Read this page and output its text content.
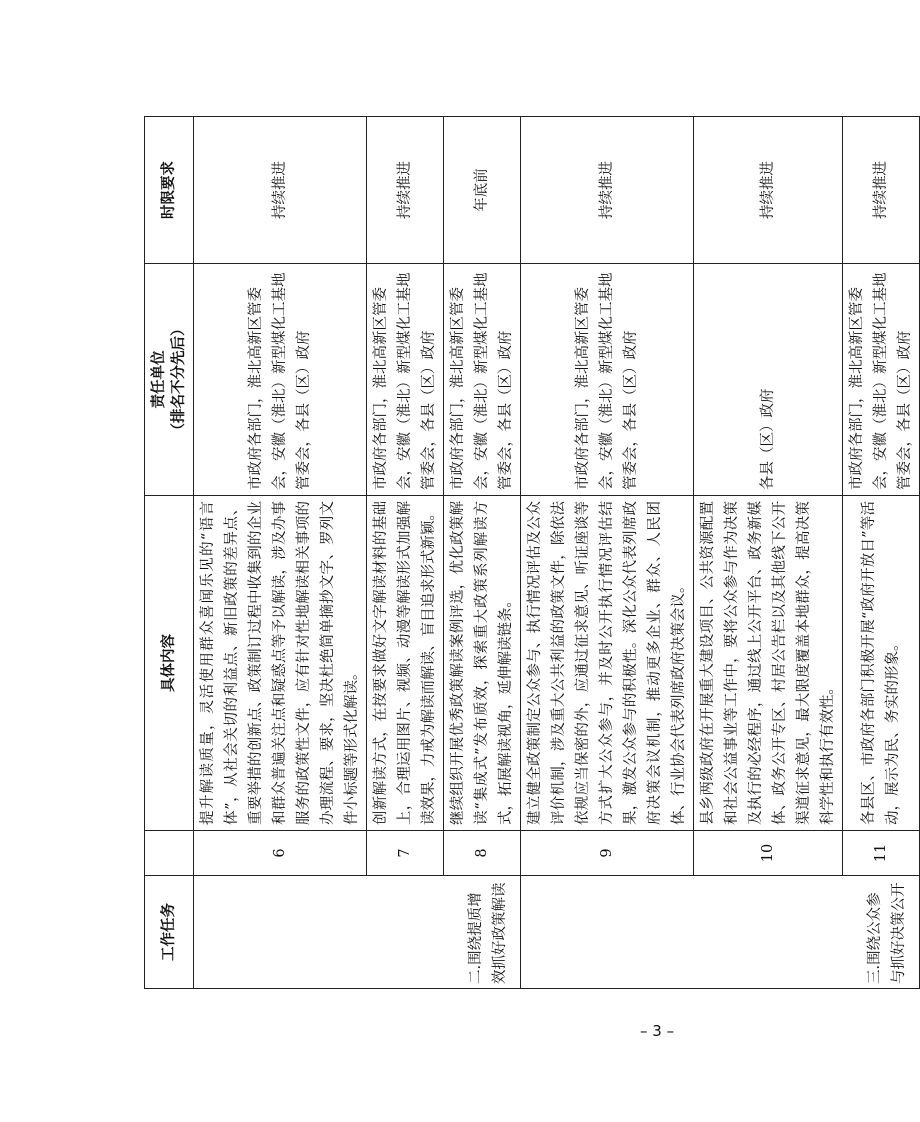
工作任务		具体内容	责任单位 （排名不分先后）	时限要求
二.围绕提质增效抓好政策解读	6	提升解读质量，灵活使用群众喜闻乐见的“语言体”，从社会关切的利益点、新旧政策的差异点、重要举措的创新点、政策制订过程中收集到的企业和群众普遍关注点和疑惑点等予以解读，涉及办事服务的政策性文件，应有针对性地解读相关事项的办理流程、要求，坚决杜绝简单摘抄文字、罗列文件小标题等形式化解读。	市政府各部门，淮北高新区管委会，安徽（淮北）新型煤化工基地管委会，各县（区）政府	持续推进
	7	创新解读方式，在按要求做好文字解读材料的基础上，合理运用图片、视频、动漫等解读形式加强解读效果，力戒为解读而解读、盲目追求形式新颖。	市政府各部门，淮北高新区管委会，安徽（淮北）新型煤化工基地管委会，各县（区）政府	持续推进
	8	继续组织开展优秀政策解读案例评选，优化政策解读“集成式”发布质效，探索重大政策系列解读方式，拓展解读视角，延伸解读链条。	市政府各部门，淮北高新区管委会，安徽（淮北）新型煤化工基地管委会，各县（区）政府	年底前
三.围绕公众参与抓好决策公开	9	建立健全政策制定公众参与、执行情况评估及公众评价机制，涉及重大公共利益的政策文件，除依法依规应当保密的外，应通过征求意见、听证座谈等方式扩大公众参与，并及时公开执行情况评估结果，激发公众参与的积极性。深化公众代表列席政府决策会议机制，推动更多企业、群众、人民团体、行业协会代表列席政府决策会议。	市政府各部门，淮北高新区管委会，安徽（淮北）新型煤化工基地管委会，各县（区）政府	持续推进
	10	县乡两级政府在开展重大建设项目、公共资源配置和社会公益事业等工作中，要将公众参与作为决策及执行的必经程序，通过线上公开平台、政务新媒体、政务公开专区、村居公告栏以及其他线下公开渠道征求意见，最大限度覆盖本地群众，提高决策科学性和执行有效性。	各县（区）政府	持续推进
	11	各县区、市政府各部门积极开展“政府开放日”等活动，展示为民、务实的形象。	市政府各部门，淮北高新区管委会，安徽（淮北）新型煤化工基地管委会，各县（区）政府	持续推进
– 3 –
